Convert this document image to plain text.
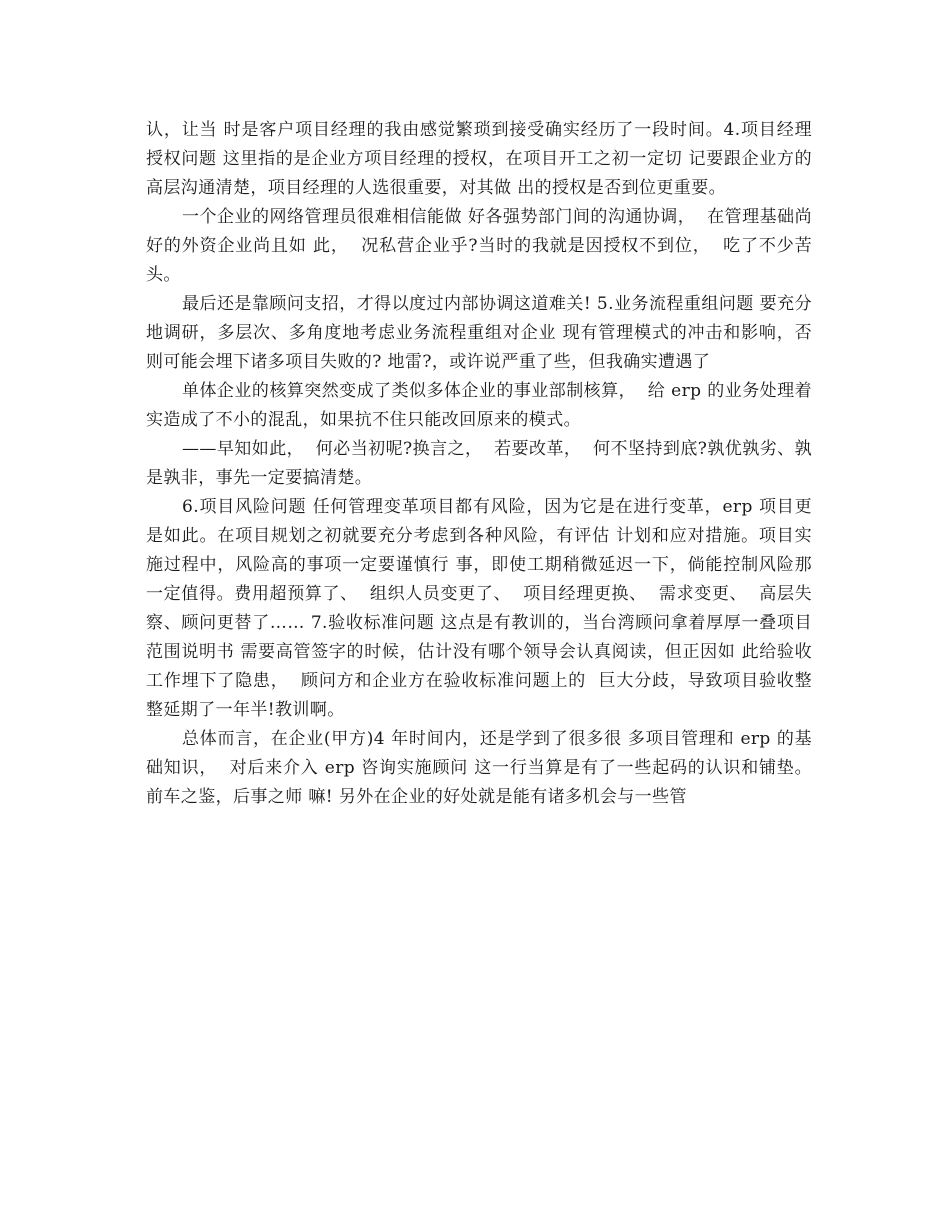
认，让当 时是客户项目经理的我由感觉繁琐到接受确实经历了一段时间。4.项目经理授权问题 这里指的是企业方项目经理的授权，在项目开工之初一定切 记要跟企业方的高层沟通清楚，项目经理的人选很重要，对其做 出的授权是否到位更重要。

一个企业的网络管理员很难相信能做 好各强势部门间的沟通协调，  在管理基础尚好的外资企业尚且如 此，  况私营企业乎?当时的我就是因授权不到位，  吃了不少苦头。

最后还是靠顾问支招，才得以度过内部协调这道难关! 5.业务流程重组问题 要充分地调研，多层次、多角度地考虑业务流程重组对企业 现有管理模式的冲击和影响，否则可能会埋下诸多项目失败的? 地雷?，或许说严重了些，但我确实遭遇了

单体企业的核算突然变成了类似多体企业的事业部制核算，  给 erp 的业务处理着实造成了不小的混乱，如果抗不住只能改回原来的模式。

——早知如此，  何必当初呢?换言之，  若要改革，  何不坚持到底?孰优孰劣、孰是孰非，事先一定要搞清楚。

6.项目风险问题 任何管理变革项目都有风险，因为它是在进行变革，erp 项目更是如此。在项目规划之初就要充分考虑到各种风险，有评估 计划和应对措施。项目实施过程中，风险高的事项一定要谨慎行 事，即使工期稍微延迟一下，倘能控制风险那一定值得。费用超预算了、  组织人员变更了、  项目经理更换、  需求变更、  高层失察、顾问更替了…… 7.验收标准问题 这点是有教训的，当台湾顾问拿着厚厚一叠项目范围说明书 需要高管签字的时候，估计没有哪个领导会认真阅读，但正因如 此给验收工作埋下了隐患，  顾问方和企业方在验收标准问题上的  巨大分歧，导致项目验收整整延期了一年半!教训啊。

总体而言，在企业(甲方)4 年时间内，还是学到了很多很 多项目管理和 erp 的基础知识，  对后来介入 erp 咨询实施顾问 这一行当算是有了一些起码的认识和铺垫。前车之鉴，后事之师 嘛! 另外在企业的好处就是能有诸多机会与一些管
